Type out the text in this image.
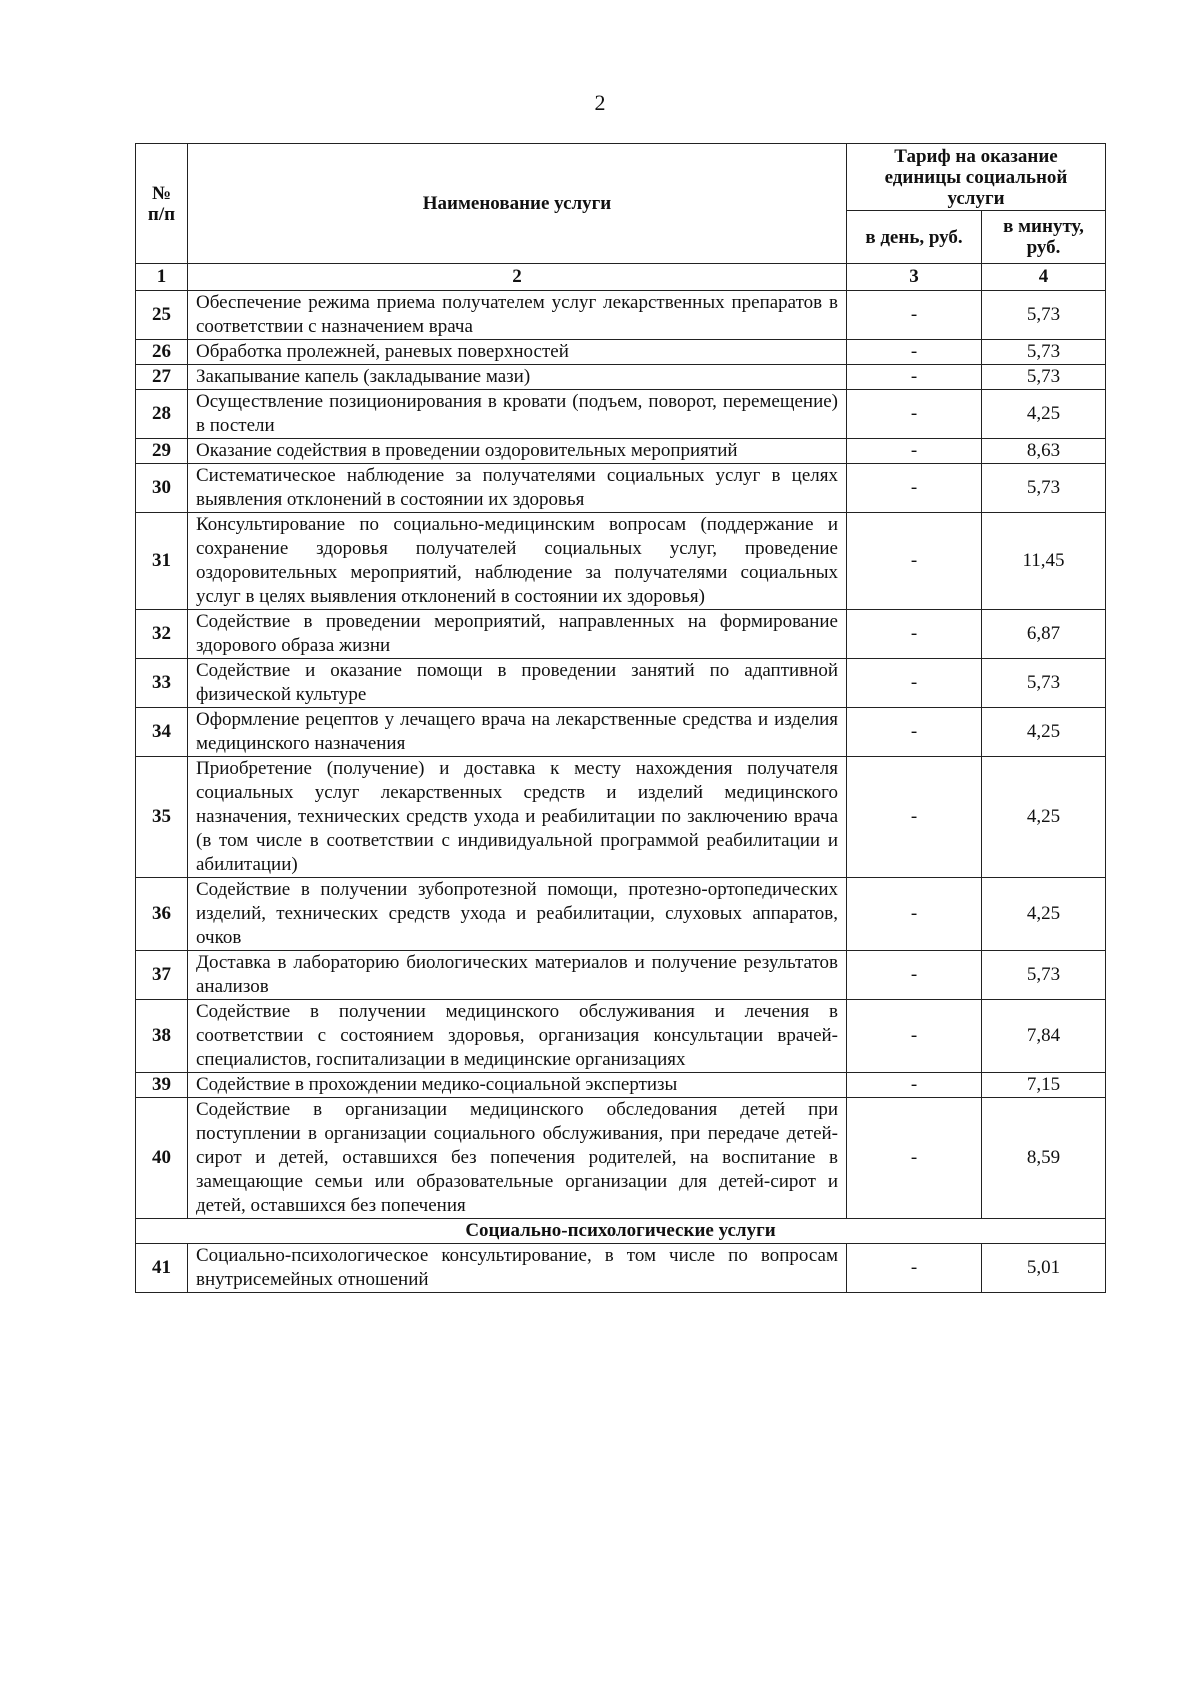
2
№ п/п	Наименование услуги	Тариф на оказание единицы социальной услуги	
		в день, руб.	в минуту, руб.
1	2	3	4
25	Обеспечение режима приема получателем услуг лекарственных препаратов в соответствии с назначением врача	-	5,73
26	Обработка пролежней, раневых поверхностей	-	5,73
27	Закапывание капель (закладывание мази)	-	5,73
28	Осуществление позиционирования в кровати (подъем, поворот, перемещение) в постели	-	4,25
29	Оказание содействия в проведении оздоровительных мероприятий	-	8,63
30	Систематическое наблюдение за получателями социальных услуг в целях выявления отклонений в состоянии их здоровья	-	5,73
31	Консультирование по социально-медицинским вопросам (поддержание и сохранение здоровья получателей социальных услуг, проведение оздоровительных мероприятий, наблюдение за получателями социальных услуг в целях выявления отклонений в состоянии их здоровья)	-	11,45
32	Содействие в проведении мероприятий, направленных на формирование здорового образа жизни	-	6,87
33	Содействие и оказание помощи в проведении занятий по адаптивной физической культуре	-	5,73
34	Оформление рецептов у лечащего врача на лекарственные средства и изделия медицинского назначения	-	4,25
35	Приобретение (получение) и доставка к месту нахождения получателя социальных услуг лекарственных средств и изделий медицинского назначения, технических средств ухода и реабилитации по заключению врача (в том числе в соответствии с индивидуальной программой реабилитации и абилитации)	-	4,25
36	Содействие в получении зубопротезной помощи, протезно-ортопедических изделий, технических средств ухода и реабилитации, слуховых аппаратов, очков	-	4,25
37	Доставка в лабораторию биологических материалов и получение результатов анализов	-	5,73
38	Содействие в получении медицинского обслуживания и лечения в соответствии с состоянием здоровья, организация консультации врачей-специалистов, госпитализации в медицинские организациях	-	7,84
39	Содействие в прохождении медико-социальной экспертизы	-	7,15
40	Содействие в организации медицинского обследования детей при поступлении в организации социального обслуживания, при передаче детей-сирот и детей, оставшихся без попечения родителей, на воспитание в замещающие семьи или образовательные организации для детей-сирот и детей, оставшихся без попечения	-	8,59
Социально-психологические услуги			
41	Социально-психологическое консультирование, в том числе по вопросам внутрисемейных отношений	-	5,01
